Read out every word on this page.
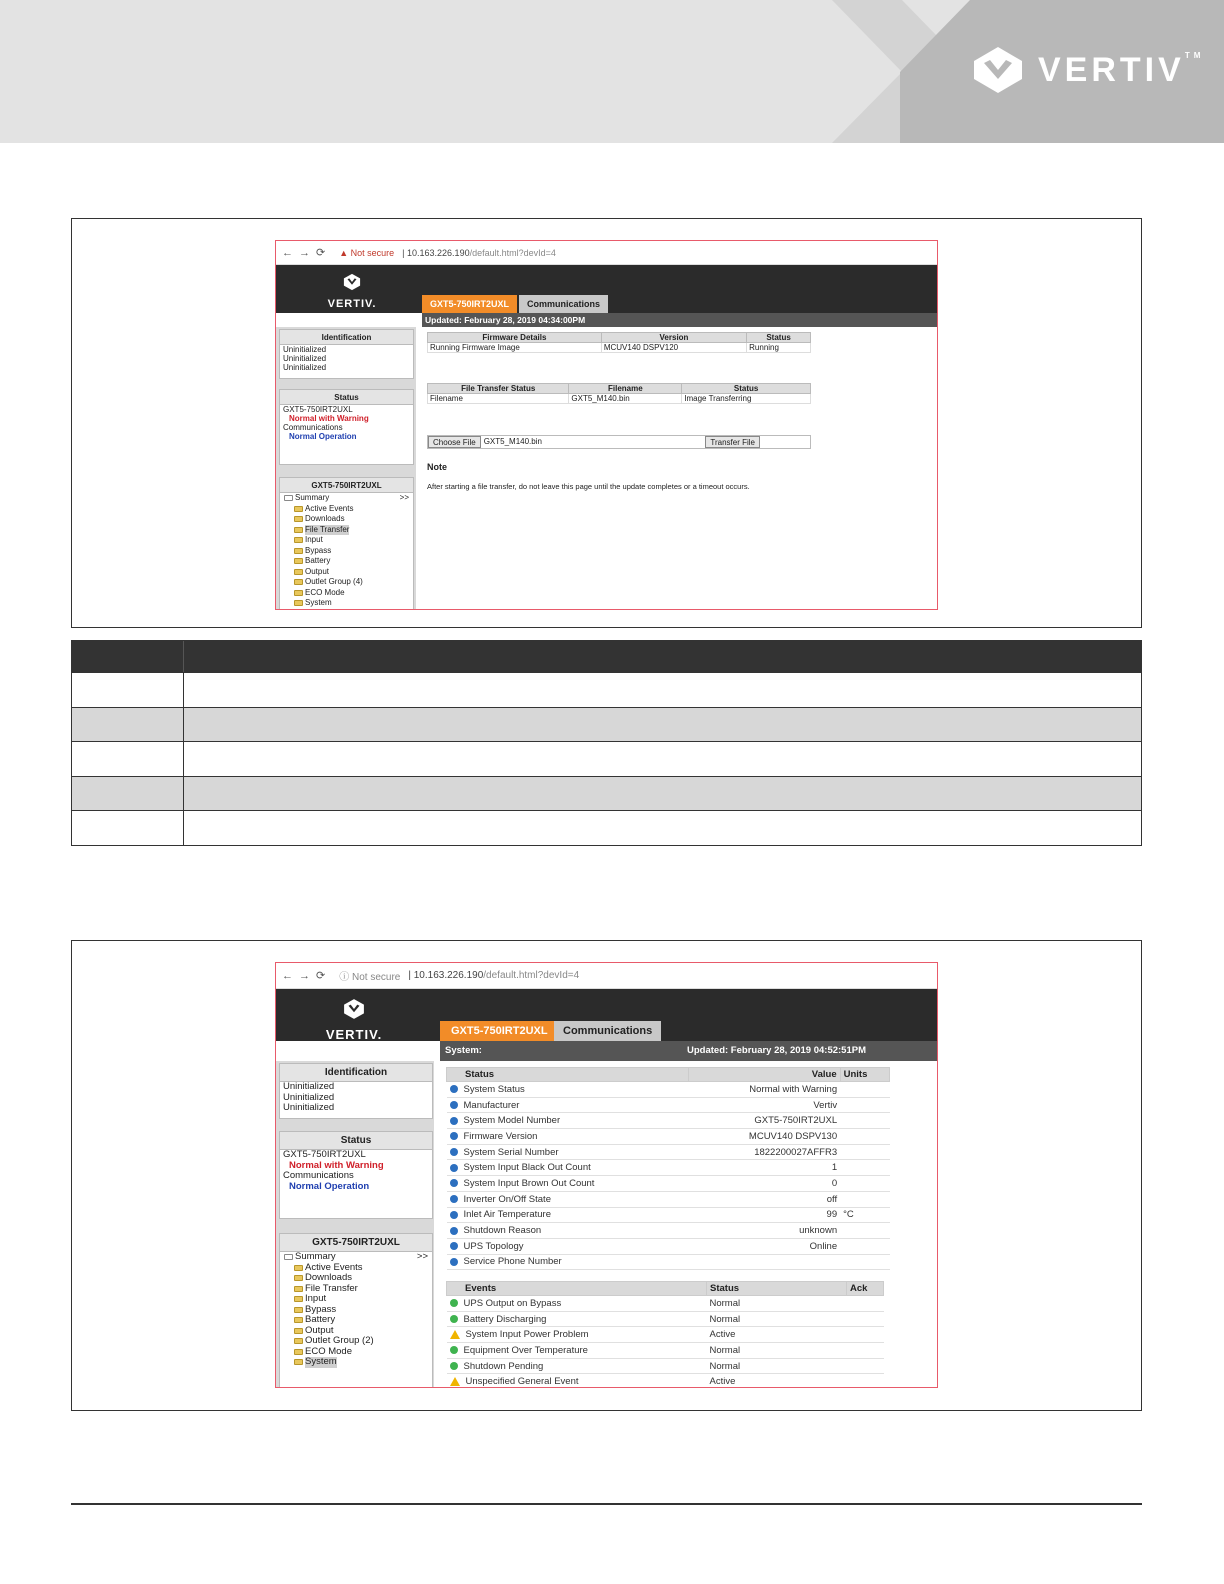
VERTIV™
←→⟳ ▲ Not secure | 10.163.226.190/default.html?devId=4
VERTIV.	GXT5-750IRT2UXL	Communications
Updated: February 28, 2019 04:34:00PM
Identification
Uninitialized
Uninitialized
Uninitialized
Status
GXT5-750IRT2UXL
Normal with Warning
Communications
Normal Operation
GXT5-750IRT2UXL
Summary	>>
Active Events
Downloads
File Transfer
Input
Bypass
Battery
Output
Outlet Group (4)
ECO Mode
System
Firmware Details	Version	Status
Running Firmware Image	MCUV140 DSPV120	Running
File Transfer Status	Filename	Status
Filename	GXT5_M140.bin	Image Transferring
Choose File	GXT5_M140.bin	Transfer File
Note
After starting a file transfer, do not leave this page until the update completes or a timeout occurs.
←→⟳ ⓘ Not secure | 10.163.226.190/default.html?devId=4
VERTIV.	GXT5-750IRT2UXL	Communications
System:	Updated: February 28, 2019 04:52:51PM
Identification
Uninitialized
Uninitialized
Uninitialized
Status
GXT5-750IRT2UXL
Normal with Warning
Communications
Normal Operation
GXT5-750IRT2UXL
Summary	>>
Active Events
Downloads
File Transfer
Input
Bypass
Battery
Output
Outlet Group (2)
ECO Mode
System
Status	Value	Units
System Status	Normal with Warning	
Manufacturer	Vertiv	
System Model Number	GXT5-750IRT2UXL	
Firmware Version	MCUV140 DSPV130	
System Serial Number	1822200027AFFR3	
System Input Black Out Count	1	
System Input Brown Out Count	0	
Inverter On/Off State	off	
Inlet Air Temperature	99	°C
Shutdown Reason	unknown	
UPS Topology	Online	
Service Phone Number		
Events	Status	Ack
UPS Output on Bypass	Normal	
Battery Discharging	Normal	
System Input Power Problem	Active	
Equipment Over Temperature	Normal	
Shutdown Pending	Normal	
Unspecified General Event	Active	
